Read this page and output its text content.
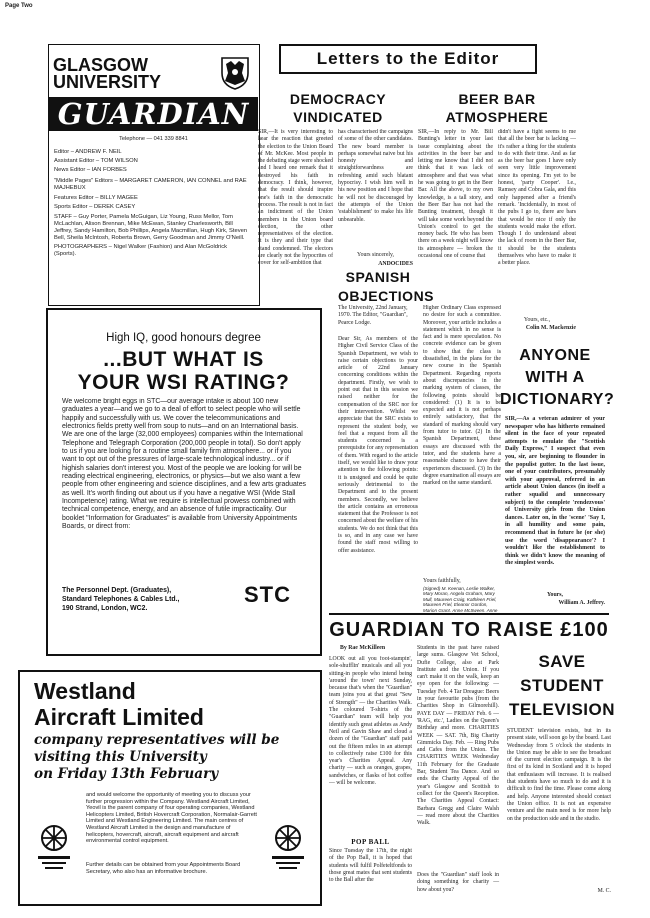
Page Two
GLASGOW
UNIVERSITY
GUARDIAN
Telephone — 041 339 8841
Editor – ANDREW F. NEIL
Assistant Editor – TOM WILSON
News Editor – IAN FORBES
"Middle Pages" Editors – MARGARET CAMERON, IAN CONNEL and RAE MAJHEBUX
Features Editor – BILLY MAGEE
Sports Editor – DEREK CASEY
STAFF – Guy Porter, Pamela McGuigan, Liz Young, Russ Mellor, Tom McLachlan, Alison Brennan, Mike McEwan, Stanley Charlesworth, Bill Jeffrey, Sandy Hamilton, Bob Phillips, Angela Macmillan, Hugh Kirk, Steven Bell, Sheila McIntosh, Roberta Brown, Gerry Goodman and Jimmy O'Neill.
PHOTOGRAPHERS – Nigel Walker (Fashion) and Alan McGoldrick (Sports).
Letters to the Editor
DEMOCRACY
VINDICATED
SIR,—It is very interesting to hear the reaction that greeted the election to the Union Board of Mr. McKee. Most people in the debating stage were shocked and I heard one remark that it destroyed his faith in democracy. I think, however, that the result should inspire one's faith in the democratic process. The result is not in fact an indictment of the Union members in the Union board election, the other representatives of the election. It is they and their type that stand condemned. The electors are clearly not the hypocrites of cover for self-ambition that
has characterised the campaigns of some of the other candidates. The new board member is perhaps somewhat naive but his honesty and straightforwardness are refreshing amid such blatant hypocrisy. I wish him well in his new position and I hope that he will not be discouraged by the attempts of the Union 'establishment' to make his life unbearable.
Yours sincerely,
ANDOCIDES
BEER BAR
ATMOSPHERE
SIR,—In reply to Mr. Bill Bunting's letter in your last issue complaining about the activities in the beer bar and letting me know that I did not think that it was lack of atmosphere and that was what he was going to get in the Beer Bar. All the above, to my own knowledge, is a tall story, and the Beer Bar has not had the Bunting treatment, though it will take some work beyond the Union's control to get the money back. He who has been there on a week night will know its atmosphere — broken the occasional one of course that
didn't have a fight seems to me that all the beer bar is lacking — it's rather a thing for the students to do with their time. And as far as the beer bar goes I have only seen very little improvement since its opening. I'm yet to be honest, 'party Cooper'. I.e., Ramsey and Cobra Gala, and this only happened after a friend's remark. 'Incidentally, in most of the pubs I go to, there are bars that would be nice if only the students would make the effort. Though I do understand about the lack of room in the Beer Bar, it should be the students themselves who have to make it a better place.
Yours, etc.,
Colin M. Mackenzie
SPANISH
OBJECTIONS
The University, 22nd January, 1970. The Editor, "Guardian", Pearce Lodge.
Dear Sir, As members of the Higher Civil Service Class of the Spanish Department, we wish to raise certain objections to your article of 22nd January concerning conditions within the department. Firstly, we wish to point out that in this session we raised neither for the compensation of the SRC nor for their intervention. Whilst we appreciate that the SRC exists to represent the student body, we feel that a request from all the students concerned is a prerequisite for any representation of them. With regard to the article itself, we would like to draw your attention to the following points: it is unsigned and could be quite seriously detrimental to the Department and to the present members. Secondly, we believe the article contains an erroneous statement that the Professor is not concerned about the welfare of his students. We do not think that this is so, and in any case we have found the staff most willing to offer assistance.
Higher Ordinary Class expressed no desire for such a committee. Moreover, your article includes a statement which in no sense is fact and is mere speculation. No concrete evidence can be given to show that the class is dissatisfied, in the plans for the new course in the Spanish Department. Regarding reports about discrepancies in the marking system of classes, the following points should be considered: (1) It is to be expected and it is not perhaps entirely satisfactory, that the standard of marking should vary from tutor to tutor. (2) In the Spanish Department, these essays are discussed with the tutor, and the students have a reasonable chance to have their experiences discussed. (3) In the degree examination all essays are marked on the same standard.
Yours faithfully,
(Signed) M. Keenan, Leslie Walker, Mary Moran, Angela Graham, Mary Mull, Maureen Craig, Kathleen Friel, Maureen Friel, Eleanor Gordon, Marion Grant, Anne McSween, Anne
ANYONE
WITH A
DICTIONARY?
SIR,—As a veteran admirer of your newspaper who has hitherto remained silent in the face of your repeated attempts to emulate the "Scottish Daily Express," I suspect that even you, sir, are beginning to flounder in the populist gutter. In the last issue, one of your contributors, presumably with your approval, referred in an article about Union dances (in itself a rather squalid and unnecessary subject) to the complete 'rendezvous' of University girls from the Union dances. Later on, in the 'scene' 'Say I, in all humility and some pain, recommend that in future he (or she) use the word 'disappearance'? I wouldn't like the establishment to think we didn't know the meaning of the simplest words.
Yours,
William A. Jeffrey.
High IQ, good honours degree
...BUT WHAT IS
YOUR WSI RATING?
We welcome bright eggs in STC—our average intake is about 100 new graduates a year—and we go to a deal of effort to select people who will settle happily and successfully with us. We cover the telecommunications and electronics fields pretty well from soup to nuts—and on an International basis. We are one of the large (32,000 employees) companies within the International Telephone and Telegraph Corporation (200,000 people in total). So don't apply to us if you are looking for a routine small family firm atmosphere... or if you want to opt out of the pressures of large-scale technological industry... or if highish salaries don't interest you. Most of the people we are looking for will be reading electrical engineering, electronics, or physics—but we also want a few people from other engineering and science disciplines, and a few arts graduates as well. It's worth finding out about us if you have a negative WSI (Wide Stall Incompetence) rating. What we require is intellectual prowess combined with technical competence, energy, and an absence of futile impracticality. Our booklet "Information for Graduates" is available from University Appointments Boards, or direct from:
The Personnel Dept. (Graduates),
Standard Telephones & Cables Ltd.,
190 Strand, London, WC2.
STC
GUARDIAN TO RAISE £100
By Rae McKilleen
LOOK out all you foot-stampin', sole-shufflin' musicals and all you sitting-in people who intend being 'around the town' next Sunday, because that's when the "Guardian" team joins you at that great "Sew of Strength" — the Charities Walk. The coloured T-shirts of the "Guardian" team will help you identify such great athletes as Andy Neil and Gavin Shaw and cloud a dozen of the "Guardian" staff paid out the fifteen miles in an attempt to collectively raise £100 for this year's Charities Appeal. Any charity — such as oranges, grapes, sandwiches, or flasks of hot coffee — will be welcome.
POP BALL
Since Tuesday the 17th, the night of the Pop Ball, it is hoped that students will fulfil Polfeteltfonds to those great mates that sent students to the Ball after the
Students in the past have raised large sums. Glasgow Vet School, Dufie College, also at Park Institute and the Union. If you can't make it on the walk, keep an eye open for the following: — Tuesday Feb. 4 Tar Dreague: Beers in your favourite pubs (from the Charities Shop in Gilmorehill). PAYE DAY — FRIDAY Feb. 6 — 'RAG, etc.', Ladies on the Queen's Birthday and more. CHARITIES WEEK — SAT. 7th, Big Charity Gimmicks Day. Feb. — Ring Pubs and Cafes from the Union. The CHARITIES WEEK Wednesday 11th February for the Graduate Bar, Student Tea Dance. And so ends the Charity Appeal of the year's Glasgow and Scottish to collect for the Queen's Reception. The Charities Appeal Contact: Barbara Gregg and Claire Walsh — read more about the Charities Walk.
Does the "Guardian" staff look in doing something for charity — how about you?
SAVE
STUDENT
TELEVISION
STUDENT television exists, but in its present state, will soon go by the board. Last Wednesday from 5 o'clock the students in the Union may be able to see the broadcast of the current election campaign. It is the first of its kind in Scotland and it is hoped that enthusiasm will increase. It is realised that students have so much to do and it is difficult to find the time. Please come along and help. Anyone interested should contact the Union office. It is not an expensive venture and the main need is for more help on the production side and in the studio.
M. C.
Westland
Aircraft Limited
company representatives will be
visiting this University
on Friday 13th February
and would welcome the opportunity of meeting you to discuss your further progression within the Company. Westland Aircraft Limited, Yeovil is the parent company of four operating companies, Westland Helicopters Limited, British Hovercraft Corporation, Normalair-Garrett Limited and Westland Engineering Limited. The main centres of Westland Aircraft Limited is the design and manufacture of helicopters, hovercraft, aircraft, aircraft equipment and aircraft environmental control equipment.
Further details can be obtained from your Appointments Board Secretary, who also has an informative brochure.
